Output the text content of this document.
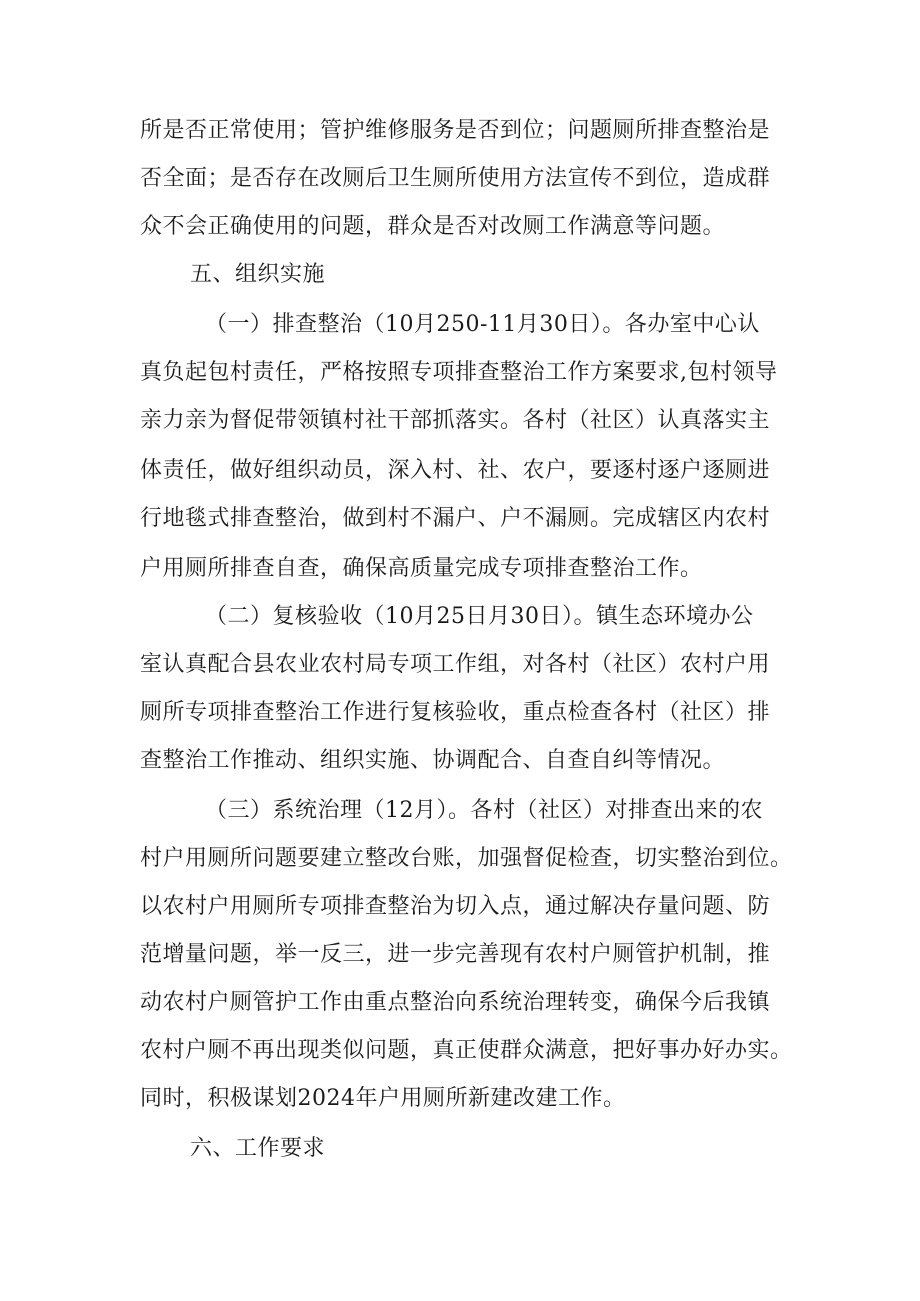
所是否正常使用；管护维修服务是否到位；问题厕所排查整治是
否全面；是否存在改厕后卫生厕所使用方法宣传不到位，造成群
众不会正确使用的问题，群众是否对改厕工作满意等问题。
五、组织实施
（一）排查整治（10月250-11月30日）。各办室中心认
真负起包村责任，严格按照专项排查整治工作方案要求,包村领导
亲力亲为督促带领镇村社干部抓落实。各村（社区）认真落实主
体责任，做好组织动员，深入村、社、农户，要逐村逐户逐厕进
行地毯式排查整治，做到村不漏户、户不漏厕。完成辖区内农村
户用厕所排查自查，确保高质量完成专项排查整治工作。
（二）复核验收（10月25日月30日）。镇生态环境办公
室认真配合县农业农村局专项工作组，对各村（社区）农村户用
厕所专项排查整治工作进行复核验收，重点检查各村（社区）排
查整治工作推动、组织实施、协调配合、自查自纠等情况。
（三）系统治理（12月）。各村（社区）对排查出来的农
村户用厕所问题要建立整改台账，加强督促检查，切实整治到位。
以农村户用厕所专项排查整治为切入点，通过解决存量问题、防
范增量问题，举一反三，进一步完善现有农村户厕管护机制，推
动农村户厕管护工作由重点整治向系统治理转变，确保今后我镇
农村户厕不再出现类似问题，真正使群众满意，把好事办好办实。
同时，积极谋划2024年户用厕所新建改建工作。
六、工作要求
